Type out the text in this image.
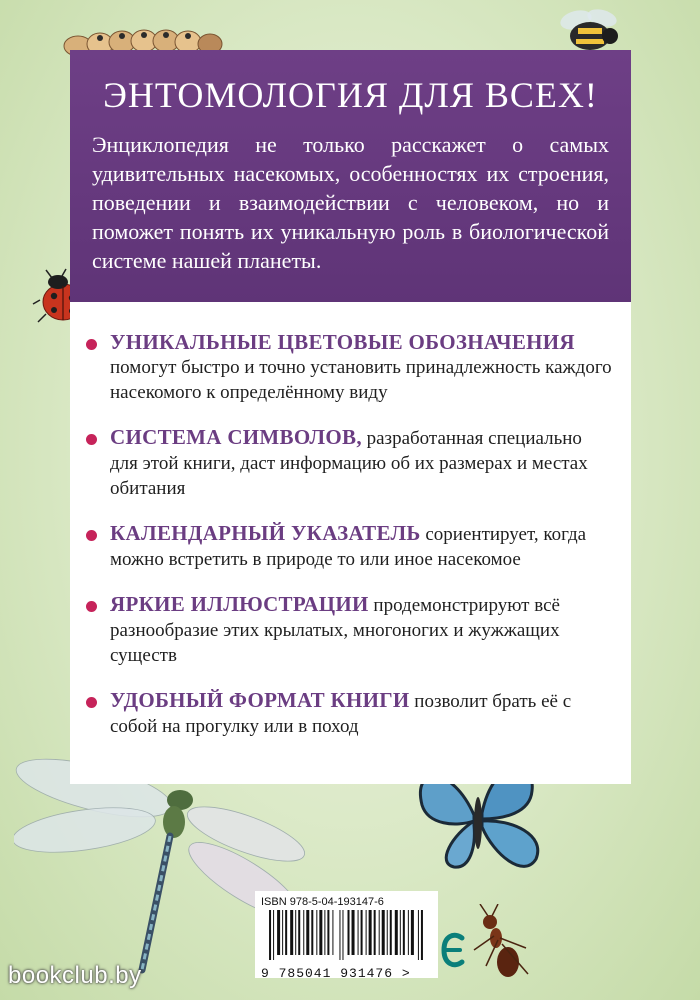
ЭНТОМОЛОГИЯ ДЛЯ ВСЕХ!
Энциклопедия не только расскажет о самых удивительных насекомых, особенностях их строения, поведении и взаимодействии с человеком, но и поможет понять их уникальную роль в биологической системе нашей планеты.
УНИКАЛЬНЫЕ ЦВЕТОВЫЕ ОБОЗНАЧЕНИЯ
помогут быстро и точно установить принадлежность каждого насекомого к определённому виду
СИСТЕМА СИМВОЛОВ, разработанная специально для этой книги, даст информацию об их размерах и местах обитания
КАЛЕНДАРНЫЙ УКАЗАТЕЛЬ сориентирует, когда можно встретить в природе то или иное насекомое
ЯРКИЕ ИЛЛЮСТРАЦИИ продемонстрируют всё разнообразие этих крылатых, многоногих и жужжащих существ
УДОБНЫЙ ФОРМАТ КНИГИ позволит брать её с собой на прогулку или в поход
ISBN 978-5-04-193147-6
9 785041 931476 >
bookclub.by
